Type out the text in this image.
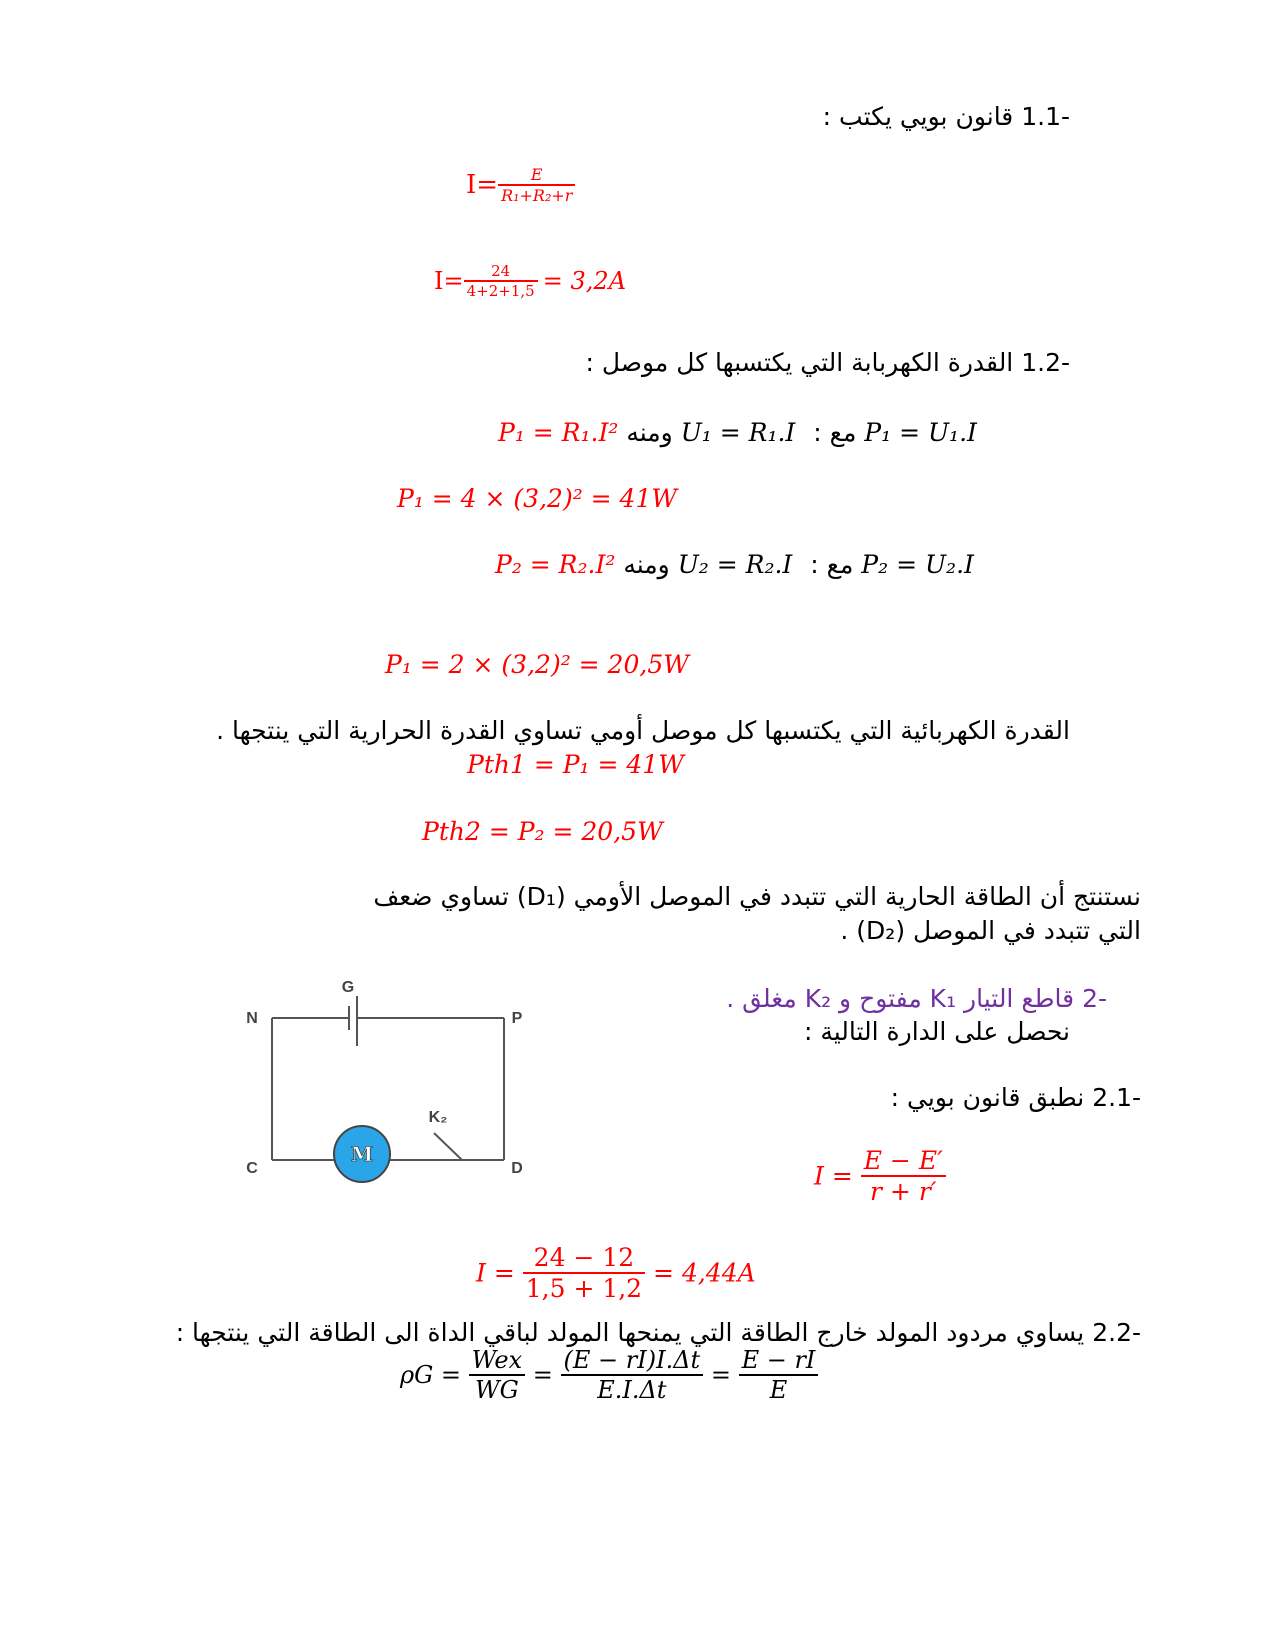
1.1- قانون بويي يكتب :
$I= \frac{E}{\text{R₁+R₂+r}}$
$I= \frac{24}{4+2+1,5} = 3,2A$
1.2- القدرة الكهربابة التي يكتسبها كل موصل :
P₁ = R₁.I² ومنه U₁ = R₁.I : مع P₁ = U₁.I
P₁ = 4 × (3,2)² = 41W
P₂ = R₂.I² ومنه U₂ = R₂.I : مع P₂ = U₂.I
P₁ = 2 × (3,2)² = 20,5W
القدرة الكهربائية التي يكتسبها كل موصل أومي تساوي القدرة الحرارية التي ينتجها .
Pth1 = P₁ = 41W
Pth2 = P₂ = 20,5W
نستنتج أن الطاقة الحارية التي تتبدد في الموصل الأومي (D₁) تساوي ضعف
التي تتبدد في الموصل (D₂) .
2- قاطع التيار K₁ مفتوح و K₂ مغلق .
نحصل على الدارة التالية :
2.1- نطبق قانون بويي :
M
G
N	P
C	D
K₂
$I = \frac{E - E'}{r + r'}$
$I = \frac{24 - 12}{1,5 + 1,2} = 4,44A$
2.2- يساوي مردود المولد خارج الطاقة التي يمنحها المولد لباقي الداة الى الطاقة التي ينتجها :
$\rho G = \frac{\text{Wex}}{WG} = \frac{(E - rI)I.\Delta t}{E.I.\Delta t} = \frac{E - rI}{E}$
